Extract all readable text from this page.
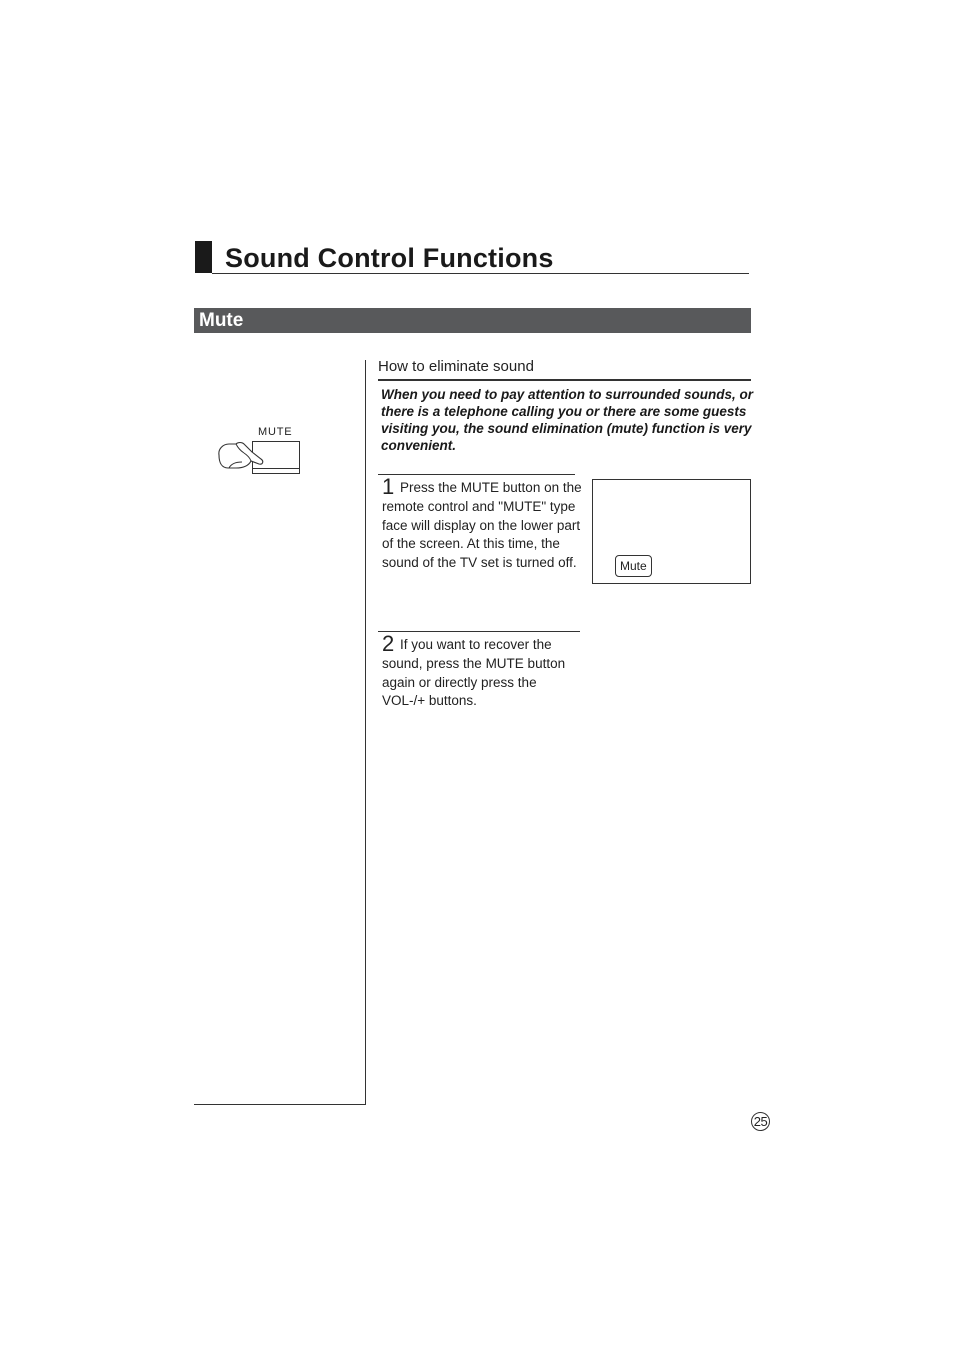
Sound Control Functions
Mute
MUTE
How to eliminate sound
When you need to pay attention to surrounded sounds, or there is a telephone calling you or there are some guests visiting you, the sound elimination (mute) function is very convenient.
1 Press the MUTE button on the remote control and "MUTE" type face will display on the lower part of the screen. At this time, the sound of the TV set is turned off.
2 If you want to recover the sound, press the MUTE button again or directly press the VOL-/+ buttons.
Mute
25
